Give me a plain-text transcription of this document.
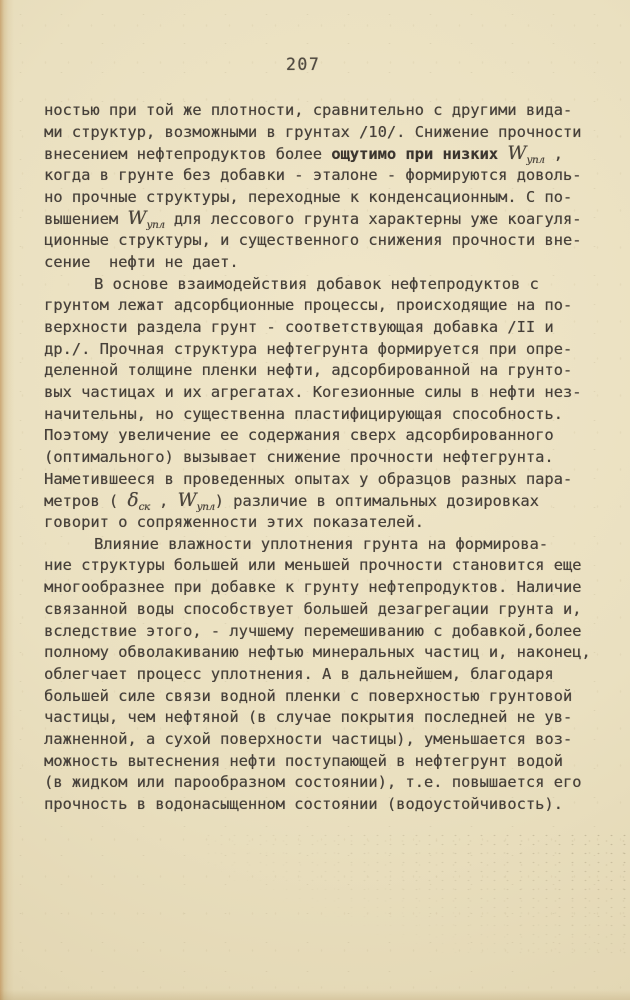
207
ностью при той же плотности, сравнительно с другими вида-
ми структур, возможными в грунтах /10/. Снижение прочности
внесением нефтепродуктов более ощутимо при низких $W_{упл}$ ,
когда в грунте без добавки - эталоне - формируются доволь-
но прочные структуры, переходные к конденсационным. С по-
вышением $W_{упл}$ для лессового грунта характерны уже коагуля-
ционные структуры, и существенного снижения прочности вне-
сение  нефти не дает.
В основе взаимодействия добавок нефтепродуктов с
грунтом лежат адсорбционные процессы, происходящие на по-
верхности раздела грунт - соответствующая добавка /II и
др./. Прочная структура нефтегрунта формируется при опре-
деленной толщине пленки нефти, адсорбированной на грунто-
вых частицах и их агрегатах. Когезионные силы в нефти нез-
начительны, но существенна пластифицирующая способность.
Поэтому увеличение ее содержания сверх адсорбированного
(оптимального) вызывает снижение прочности нефтегрунта.
Наметившееся в проведенных опытах у образцов разных пара-
метров ( $\delta_{ск}$ , $W_{упл}$) различие в оптимальных дозировках
говорит о сопряженности этих показателей.
Влияние влажности уплотнения грунта на формирова-
ние структуры большей или меньшей прочности становится еще
многообразнее при добавке к грунту нефтепродуктов. Наличие
связанной воды способствует большей дезагрегации грунта и,
вследствие этого, - лучшему перемешиванию с добавкой,более
полному обволакиванию нефтью минеральных частиц и, наконец,
облегчает процесс уплотнения. А в дальнейшем, благодаря
большей силе связи водной пленки с поверхностью грунтовой
частицы, чем нефтяной (в случае покрытия последней не ув-
лажненной, а сухой поверхности частицы), уменьшается воз-
можность вытеснения нефти поступающей в нефтегрунт водой
(в жидком или парообразном состоянии), т.е. повышается его
прочность в водонасыщенном состоянии (водоустойчивость).
